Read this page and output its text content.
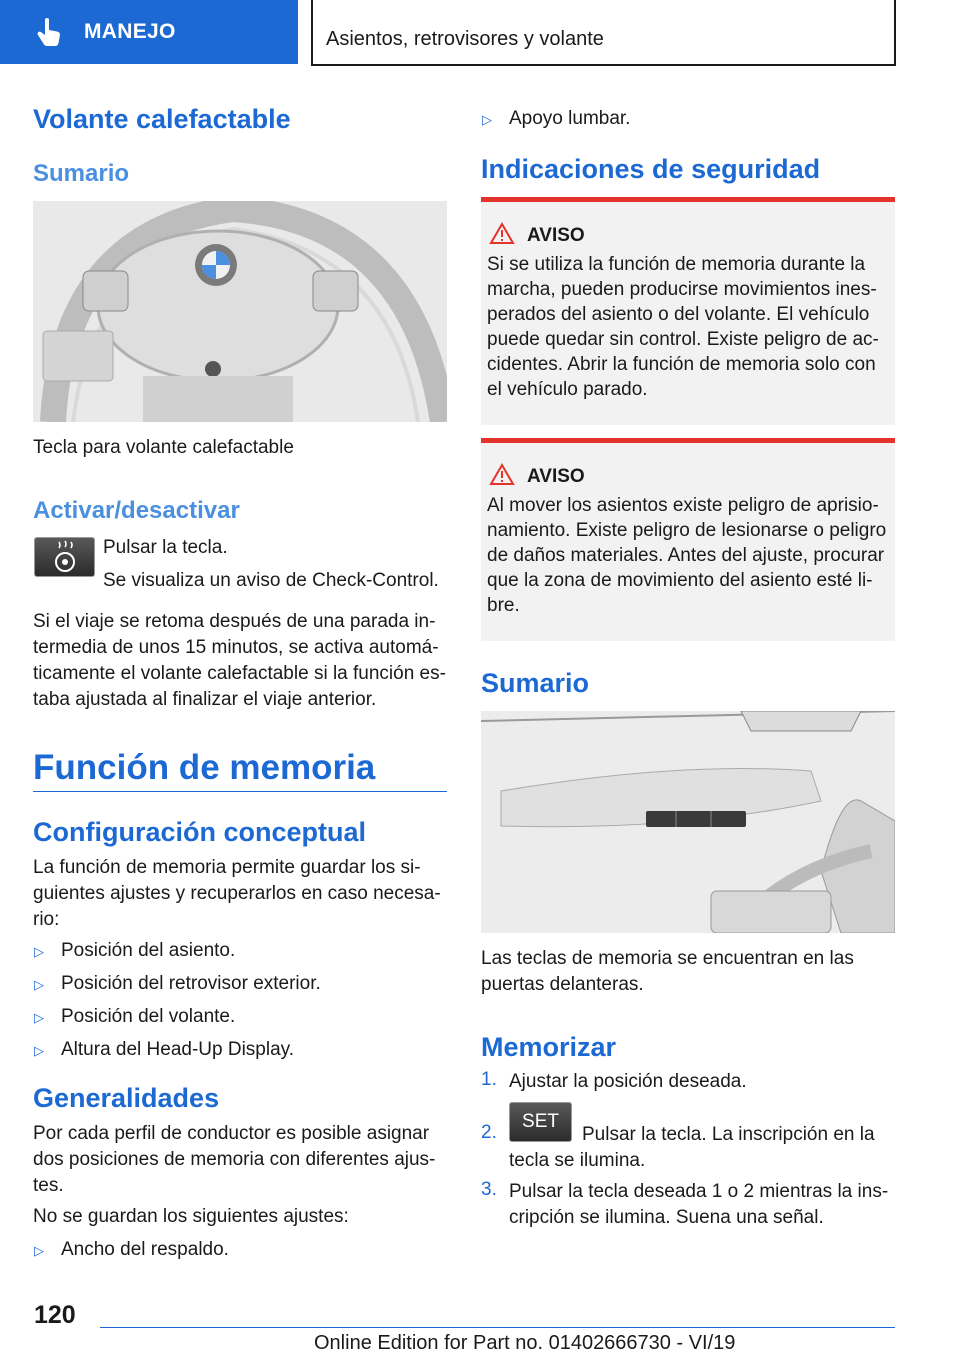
MANEJO	Asientos, retrovisores y volante
Volante calefactable
Sumario
Tecla para volante calefactable
Activar/desactivar
Pulsar la tecla.
Se visualiza un aviso de Check-Control.
Si el viaje se retoma después de una parada in‐
termedia de unos 15 minutos, se activa automá‐
ticamente el volante calefactable si la función es‐
taba ajustada al finalizar el viaje anterior.
Función de memoria
Configuración conceptual
La función de memoria permite guardar los si‐
guientes ajustes y recuperarlos en caso necesa‐
rio:
▷ Posición del asiento.
▷ Posición del retrovisor exterior.
▷ Posición del volante.
▷ Altura del Head-Up Display.
Generalidades
Por cada perfil de conductor es posible asignar
dos posiciones de memoria con diferentes ajus‐
tes.
No se guardan los siguientes ajustes:
▷ Ancho del respaldo.
▷ Apoyo lumbar.
Indicaciones de seguridad
AVISO
Si se utiliza la función de memoria durante la
marcha, pueden producirse movimientos ines‐
perados del asiento o del volante. El vehículo
puede quedar sin control. Existe peligro de ac‐
cidentes. Abrir la función de memoria solo con
el vehículo parado.
AVISO
Al mover los asientos existe peligro de aprisio‐
namiento. Existe peligro de lesionarse o peligro
de daños materiales. Antes del ajuste, procurar
que la zona de movimiento del asiento esté li‐
bre.
Sumario
Las teclas de memoria se encuentran en las
puertas delanteras.
Memorizar
1. Ajustar la posición deseada.
2.
SET
Pulsar la tecla. La inscripción en la
tecla se ilumina.
3. Pulsar la tecla deseada 1 o 2 mientras la ins‐
cripción se ilumina. Suena una señal.
120
Online Edition for Part no. 01402666730 - VI/19
